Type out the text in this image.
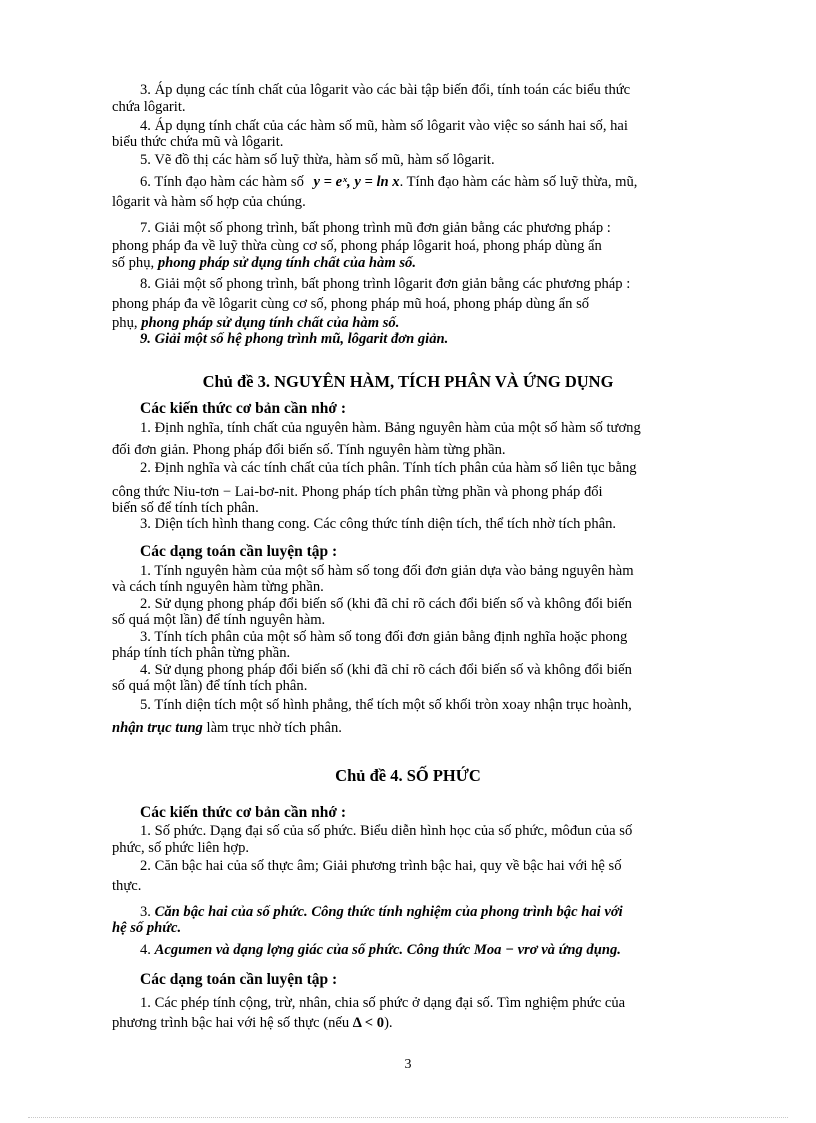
3. Áp dụng các tính chất của lôgarit vào các bài tập biến đổi, tính toán các biểu thức
chứa lôgarit.
4. Áp dụng tính chất của các hàm số mũ, hàm số lôgarit vào việc so sánh hai số, hai
biểu thức chứa mũ và lôgarit.
5. Vẽ đồ thị các hàm số luỹ thừa, hàm số mũ, hàm số lôgarit.
6. Tính đạo hàm các hàm số y = eˣ, y = ln x. Tính đạo hàm các hàm số luỹ thừa, mũ,
lôgarit và hàm số hợp của chúng.
7. Giải một số phong trình, bất phong trình mũ đơn giản bằng các phương pháp :
phong pháp đa về luỹ thừa cùng cơ số, phong pháp lôgarit hoá, phong pháp dùng ẩn
số phụ, phong pháp sử dụng tính chất của hàm số.
8. Giải một số phong trình, bất phong trình lôgarit đơn giản bằng các phương pháp :
phong pháp đa về lôgarit cùng cơ số, phong pháp mũ hoá, phong pháp dùng ẩn số
phụ, phong pháp sử dụng tính chất của hàm số.
9. Giải một số hệ phong trình mũ, lôgarit đơn giản.
Chủ đề 3. NGUYÊN HÀM, TÍCH PHÂN VÀ ỨNG DỤNG
Các kiến thức cơ bản cần nhớ :
1. Định nghĩa, tính chất của nguyên hàm. Bảng nguyên hàm của một số hàm số tương
đối đơn giản. Phong pháp đổi biến số. Tính nguyên hàm từng phần.
2. Định nghĩa và các tính chất của tích phân. Tính tích phân của hàm số liên tục bằng
công thức Niu-tơn − Lai-bơ-nit. Phong pháp tích phân từng phần và phong pháp đổi
biến số để tính tích phân.
3. Diện tích hình thang cong. Các công thức tính diện tích, thể tích nhờ tích phân.
Các dạng toán cần luyện tập :
1. Tính nguyên hàm của một số hàm số tong đối đơn giản dựa vào bảng nguyên hàm
và cách tính nguyên hàm từng phần.
2. Sử dụng phong pháp đổi biến số (khi đã chỉ rõ cách đổi biến số và không đổi biến
số quá một lần) để tính nguyên hàm.
3. Tính tích phân của một số hàm số tong đối đơn giản bằng định nghĩa hoặc phong
pháp tính tích phân từng phần.
4. Sử dụng phong pháp đổi biến số (khi đã chỉ rõ cách đổi biến số và không đổi biến
số quá một lần) để tính tích phân.
5. Tính diện tích một số hình phẳng, thể tích một số khối tròn xoay nhận trục hoành,
nhận trục tung làm trục nhờ tích phân.
Chủ đề 4. SỐ PHỨC
Các kiến thức cơ bản cần nhớ :
1. Số phức. Dạng đại số của số phức. Biểu diễn hình học của số phức, môđun của số
phức, số phức liên hợp.
2. Căn bậc hai của số thực âm; Giải phương trình bậc hai, quy về bậc hai với hệ số
thực.
3. Căn bậc hai của số phức. Công thức tính nghiệm của phong trình bậc hai với
hệ số phức.
4. Acgumen và dạng lợng giác của số phức. Công thức Moa − vrơ và ứng dụng.
Các dạng toán cần luyện tập :
1. Các phép tính cộng, trừ, nhân, chia số phức ở dạng đại số. Tìm nghiệm phức của
phương trình bậc hai với hệ số thực (nếu Δ < 0).
3
